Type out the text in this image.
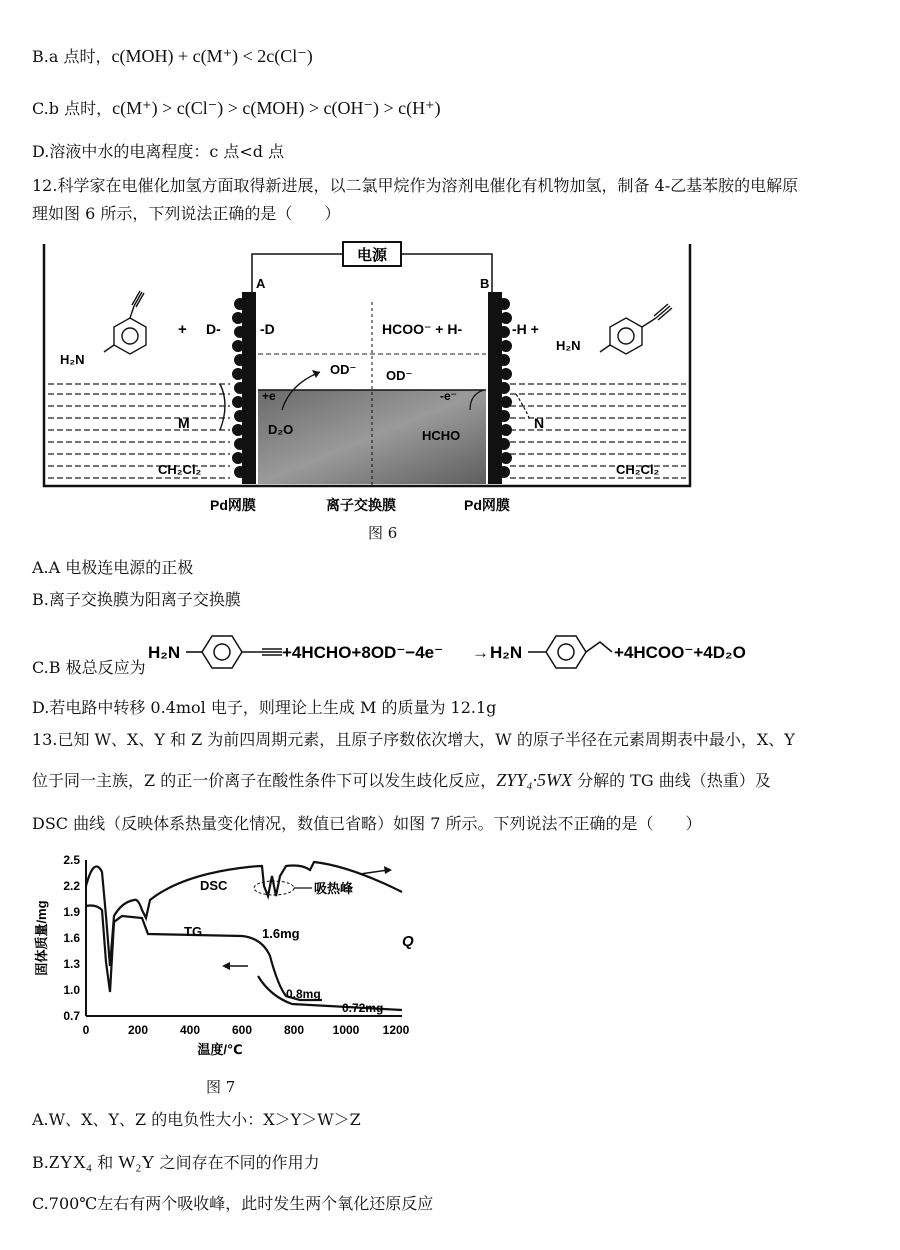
B.a 点时，c(MOH) + c(M⁺) < 2c(Cl⁻)
C.b 点时，c(M⁺) > c(Cl⁻) > c(MOH) > c(OH⁻) > c(H⁺)
D.溶液中水的电离程度：c 点<d 点
12.科学家在电催化加氢方面取得新进展，以二氯甲烷作为溶剂电催化有机物加氢，制备 4-乙基苯胺的电解原
理如图 6 所示，下列说法正确的是（　　）
电源
A	B
H₂N
+ D-	-D
H₂N
HCOO⁻ + H-	-H +
OD⁻ OD⁻
+e	-e⁻
D₂O	HCHO
M	N
CH₂Cl₂	CH₂Cl₂
Pd网膜	离子交换膜	Pd网膜
图 6
A.A 电极连电源的正极
B.离子交换膜为阳离子交换膜
C.B 极总反应为
H₂N	+4HCHO+8OD⁻−4e⁻ → H₂N	+4HCOO⁻+4D₂O
D.若电路中转移 0.4mol 电子，则理论上生成 M 的质量为 12.1g
13.已知 W、X、Y 和 Z 为前四周期元素，且原子序数依次增大，W 的原子半径在元素周期表中最小，X、Y
位于同一主族，Z 的正一价离子在酸性条件下可以发生歧化反应，ZYY₄·5WX 分解的 TG 曲线（热重）及
DSC 曲线（反映体系热量变化情况，数值已省略）如图 7 所示。下列说法不正确的是（　　）
2.5
2.2
1.9
1.6
1.3
1.0
0.7
0	200	400	600	800 1000 1200
温度/℃
固体质量/mg
DSC
TG
吸热峰
1.6mg
0.8mg
0.72mg
Q
图 7
A.W、X、Y、Z 的电负性大小：X＞Y＞W＞Z
B.ZYX₄ 和 W₂Y 之间存在不同的作用力
C.700℃左右有两个吸收峰，此时发生两个氧化还原反应
